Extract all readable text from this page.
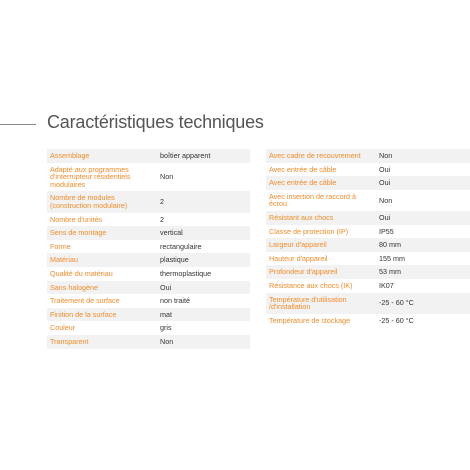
Caractéristiques techniques
Assemblage	boîtier apparent
Adapté aux programmes d'interrupteur résidentiels modulaires	Non
Nombre de modules (construction modulaire)	2
Nombre d'unités	2
Sens de montage	vertical
Forme	rectangulaire
Matériau	plastique
Qualité du matériau	thermoplastique
Sans halogène	Oui
Traitement de surface	non traité
Finition de la surface	mat
Couleur	gris
Transparent	Non
Avec cadre de recouvrement	Non
Avec entrée de câble	Oui
Avec entrée de câble	Oui
Avec insertion de raccord à écrou	Non
Résistant aux chocs	Oui
Classe de protection (IP)	IP55
Largeur d'appareil	80 mm
Hauteur d'appareil	155 mm
Profondeur d'appareil	53 mm
Résistance aux chocs (IK)	IK07
Température d'utilisation /d'installation	-25 - 60 °C
Température de stockage	-25 - 60 °C
